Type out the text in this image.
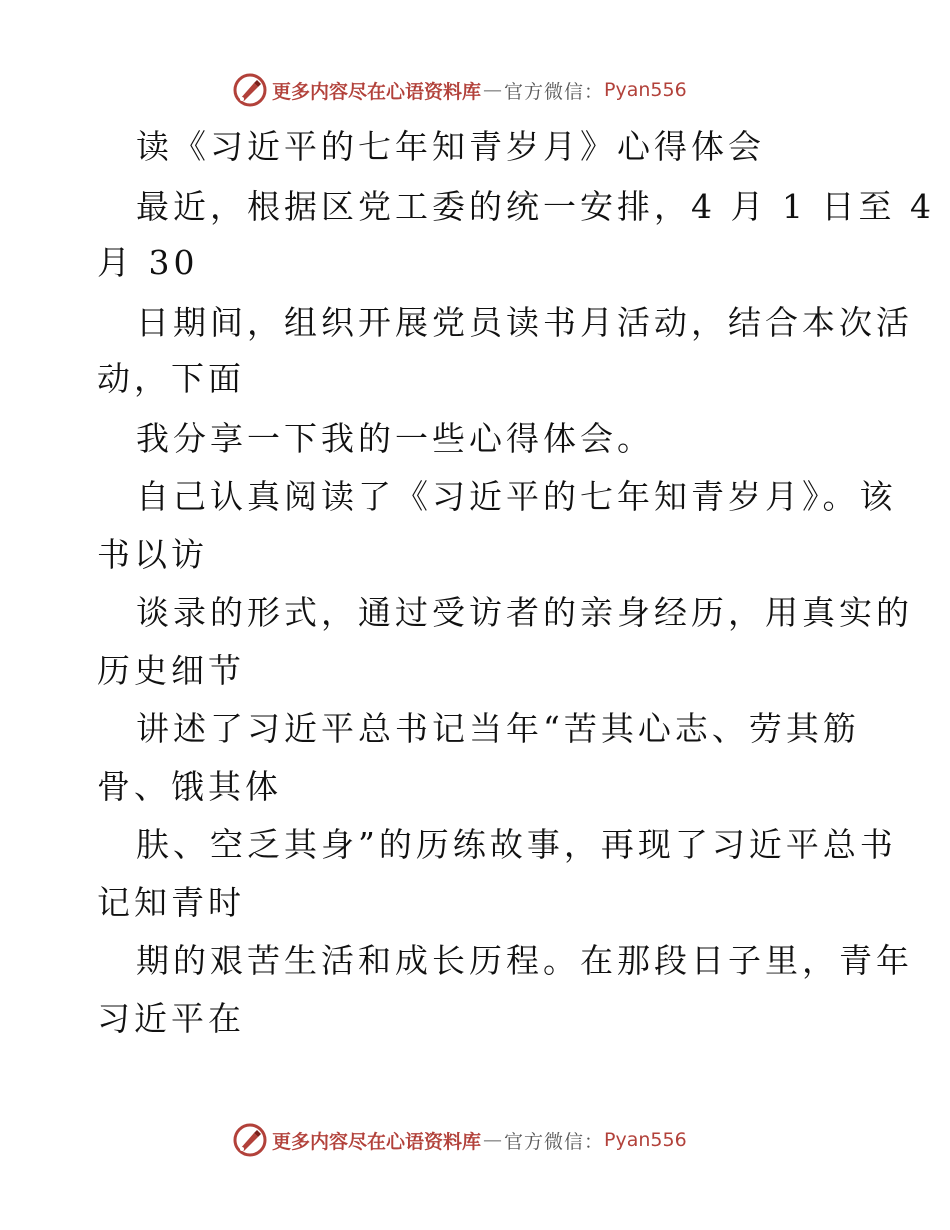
更多内容尽在心语资料库 — 官方微信： Pyan556
读《习近平的七年知青岁月》心得体会
最近，根据区党工委的统一安排，4 月 1 日至 4
月 30
日期间，组织开展党员读书月活动，结合本次活
动，下面
我分享一下我的一些心得体会。
自己认真阅读了《习近平的七年知青岁月》。该
书以访
谈录的形式，通过受访者的亲身经历，用真实的
历史细节
讲述了习近平总书记当年“苦其心志、劳其筋
骨、饿其体
肤、空乏其身”的历练故事，再现了习近平总书
记知青时
期的艰苦生活和成长历程。在那段日子里，青年
习近平在
更多内容尽在心语资料库 — 官方微信： Pyan556
